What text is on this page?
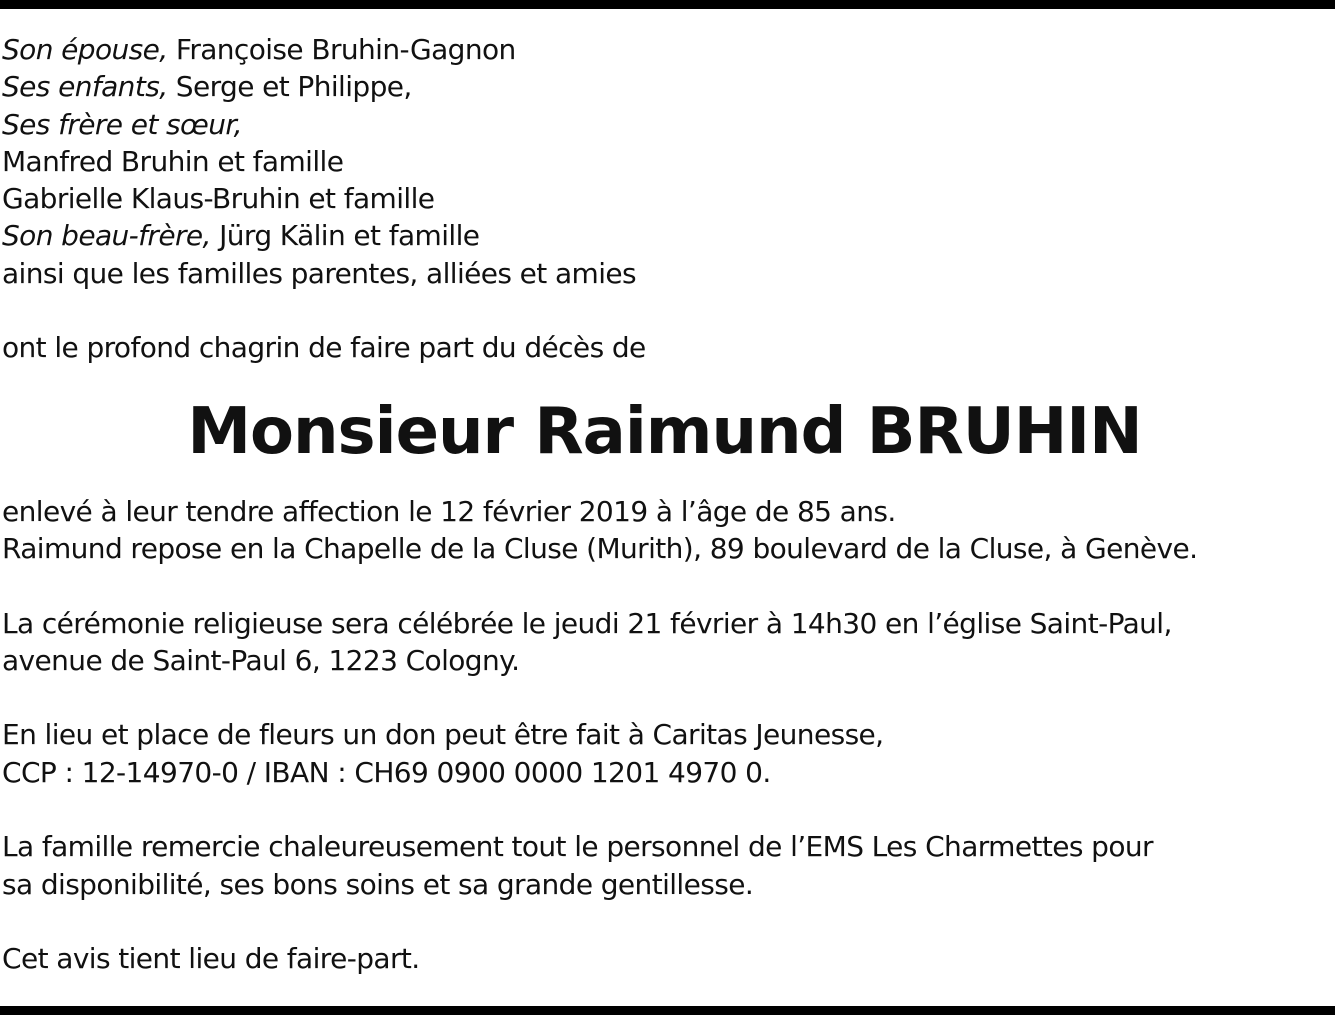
Son épouse, Françoise Bruhin-Gagnon
Ses enfants, Serge et Philippe,
Ses frère et sœur,
Manfred Bruhin et famille
Gabrielle Klaus-Bruhin et famille
Son beau-frère, Jürg Kälin et famille
ainsi que les familles parentes, alliées et amies
ont le profond chagrin de faire part du décès de
Monsieur Raimund BRUHIN
enlevé à leur tendre affection le 12 février 2019 à l’âge de 85 ans.
Raimund repose en la Chapelle de la Cluse (Murith), 89 boulevard de la Cluse, à Genève.
La cérémonie religieuse sera célébrée le jeudi 21 février à 14h30 en l’église Saint-Paul,
avenue de Saint-Paul 6, 1223 Cologny.
En lieu et place de fleurs un don peut être fait à Caritas Jeunesse,
CCP : 12-14970-0 / IBAN : CH69 0900 0000 1201 4970 0.
La famille remercie chaleureusement tout le personnel de l’EMS Les Charmettes pour
sa disponibilité, ses bons soins et sa grande gentillesse.
Cet avis tient lieu de faire-part.
